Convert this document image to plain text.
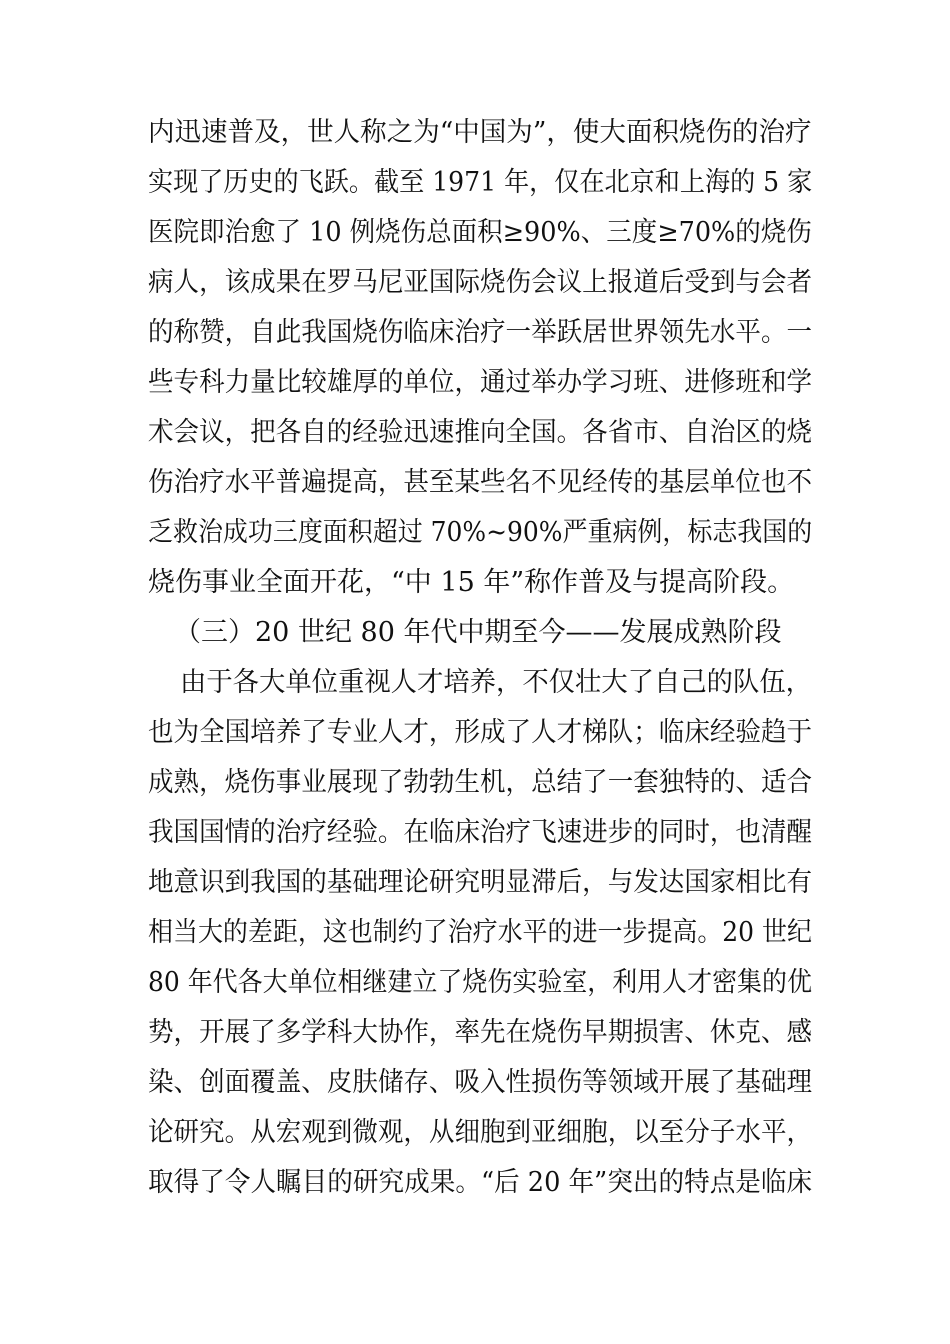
内迅速普及，世人称之为“中国为”，使大面积烧伤的治疗
实现了历史的飞跃。截至 1971 年，仅在北京和上海的 5 家
医院即治愈了 10 例烧伤总面积≥90%、三度≥70%的烧伤
病人，该成果在罗马尼亚国际烧伤会议上报道后受到与会者
的称赞，自此我国烧伤临床治疗一举跃居世界领先水平。一
些专科力量比较雄厚的单位，通过举办学习班、进修班和学
术会议，把各自的经验迅速推向全国。各省市、自治区的烧
伤治疗水平普遍提高，甚至某些名不见经传的基层单位也不
乏救治成功三度面积超过 70%~90%严重病例，标志我国的
烧伤事业全面开花，“中 15 年”称作普及与提高阶段。
（三）20 世纪 80 年代中期至今——发展成熟阶段
由于各大单位重视人才培养，不仅壮大了自己的队伍，
也为全国培养了专业人才，形成了人才梯队；临床经验趋于
成熟，烧伤事业展现了勃勃生机，总结了一套独特的、适合
我国国情的治疗经验。在临床治疗飞速进步的同时，也清醒
地意识到我国的基础理论研究明显滞后，与发达国家相比有
相当大的差距，这也制约了治疗水平的进一步提高。20 世纪
80 年代各大单位相继建立了烧伤实验室，利用人才密集的优
势，开展了多学科大协作，率先在烧伤早期损害、休克、感
染、创面覆盖、皮肤储存、吸入性损伤等领域开展了基础理
论研究。从宏观到微观，从细胞到亚细胞，以至分子水平，
取得了令人瞩目的研究成果。“后 20 年”突出的特点是临床
